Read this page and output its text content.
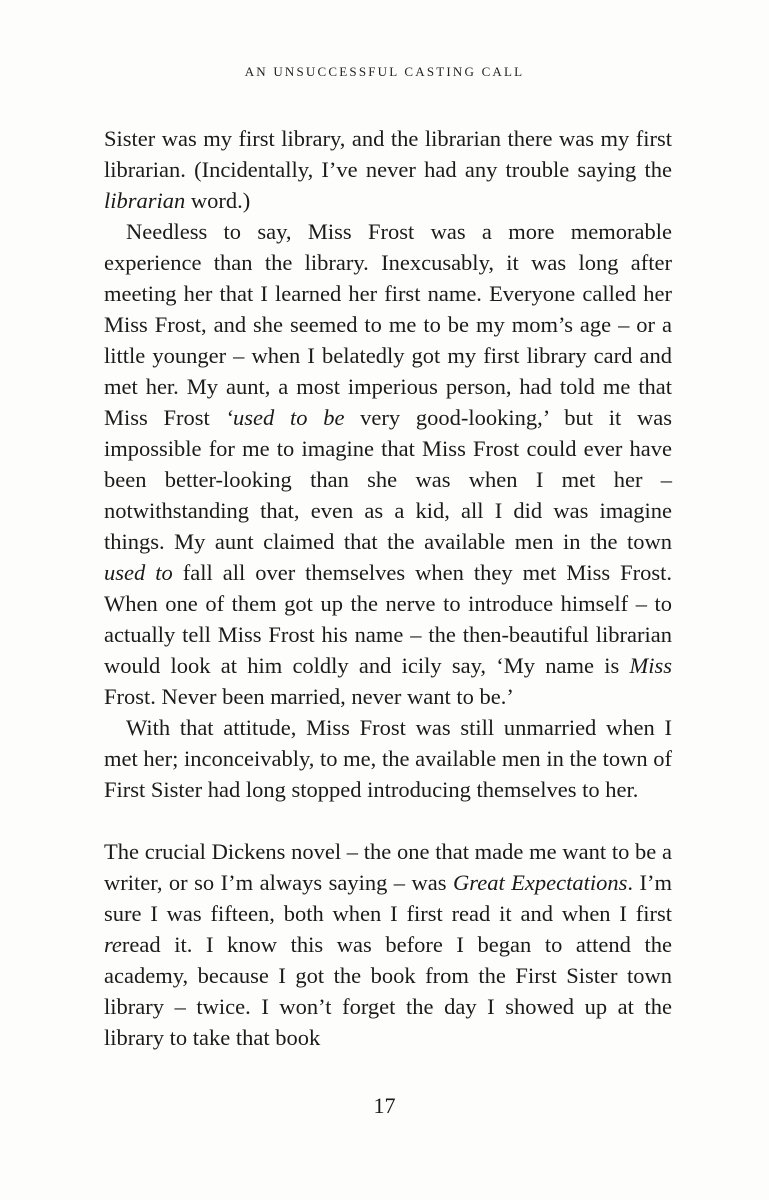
AN UNSUCCESSFUL CASTING CALL

Sister was my first library, and the librarian there was my first librarian. (Incidentally, I’ve never had any trouble saying the librarian word.)

Needless to say, Miss Frost was a more memorable experience than the library. Inexcusably, it was long after meeting her that I learned her first name. Everyone called her Miss Frost, and she seemed to me to be my mom’s age – or a little younger – when I belatedly got my first library card and met her. My aunt, a most imperious person, had told me that Miss Frost ‘used to be very good-looking,’ but it was impossible for me to imagine that Miss Frost could ever have been better-looking than she was when I met her – notwithstanding that, even as a kid, all I did was imagine things. My aunt claimed that the available men in the town used to fall all over themselves when they met Miss Frost. When one of them got up the nerve to introduce himself – to actually tell Miss Frost his name – the then-beautiful librarian would look at him coldly and icily say, ‘My name is Miss Frost. Never been married, never want to be.’

With that attitude, Miss Frost was still unmarried when I met her; inconceivably, to me, the available men in the town of First Sister had long stopped introducing themselves to her.

The crucial Dickens novel – the one that made me want to be a writer, or so I’m always saying – was Great Expectations. I’m sure I was fifteen, both when I first read it and when I first reread it. I know this was before I began to attend the academy, because I got the book from the First Sister town library – twice. I won’t forget the day I showed up at the library to take that book

17
